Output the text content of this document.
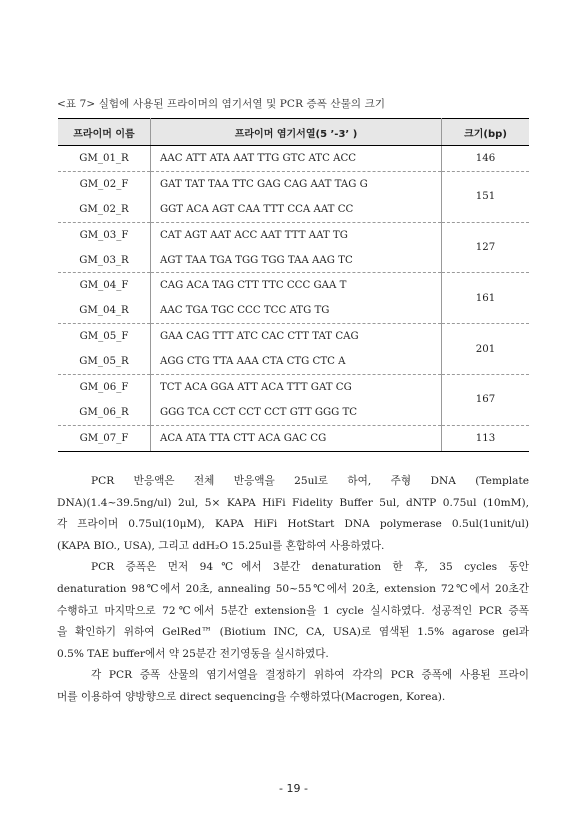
<표 7> 실험에 사용된 프라이머의 염기서열 및 PCR 증폭 산물의 크기
프라이머 이름	프라이머 염기서열(5 ’-3’ )	크기(bp)
GM_01_R	AAC ATT ATA AAT TTG GTC ATC ACC	146
GM_02_F	GAT TAT TAA TTC GAG CAG AAT TAG G	151
GM_02_R	GGT ACA AGT CAA TTT CCA AAT CC	
GM_03_F	CAT AGT AAT ACC AAT TTT AAT TG	127
GM_03_R	AGT TAA TGA TGG TGG TAA AAG TC	
GM_04_F	CAG ACA TAG CTT TTC CCC GAA T	161
GM_04_R	AAC TGA TGC CCC TCC ATG TG	
GM_05_F	GAA CAG TTT ATC CAC CTT TAT CAG	201
GM_05_R	AGG CTG TTA AAA CTA CTG CTC A	
GM_06_F	TCT ACA GGA ATT ACA TTT GAT CG	167
GM_06_R	GGG TCA CCT CCT CCT GTT GGG TC	
GM_07_F	ACA ATA TTA CTT ACA GAC CG	113

PCR 반응액은 전체 반응액을 25ul로 하여, 주형 DNA (Template

DNA)(1.4~39.5ng/ul) 2ul, 5× KAPA HiFi Fidelity Buffer 5ul, dNTP 0.75ul (10mM),

각 프라이머 0.75ul(10μM), KAPA HiFi HotStart DNA polymerase 0.5ul(1unit/ul)

(KAPA BIO., USA), 그리고 ddH₂O 15.25ul를 혼합하여 사용하였다.

PCR 증폭은 먼저 94℃에서 3분간 denaturation 한 후, 35 cycles 동안

denaturation 98℃에서 20초, annealing 50~55℃에서 20초, extension 72℃에서 20초간

수행하고 마지막으로 72℃에서 5분간 extension을 1 cycle 실시하였다. 성공적인 PCR 증폭

을 확인하기 위하여 GelRed™ (Biotium INC, CA, USA)로 염색된 1.5% agarose gel과

0.5% TAE buffer에서 약 25분간 전기영동을 실시하였다.

각 PCR 증폭 산물의 염기서열을 결정하기 위하여 각각의 PCR 증폭에 사용된 프라이

머를 이용하여 양방향으로 direct sequencing을 수행하였다(Macrogen, Korea).

- 19 -
